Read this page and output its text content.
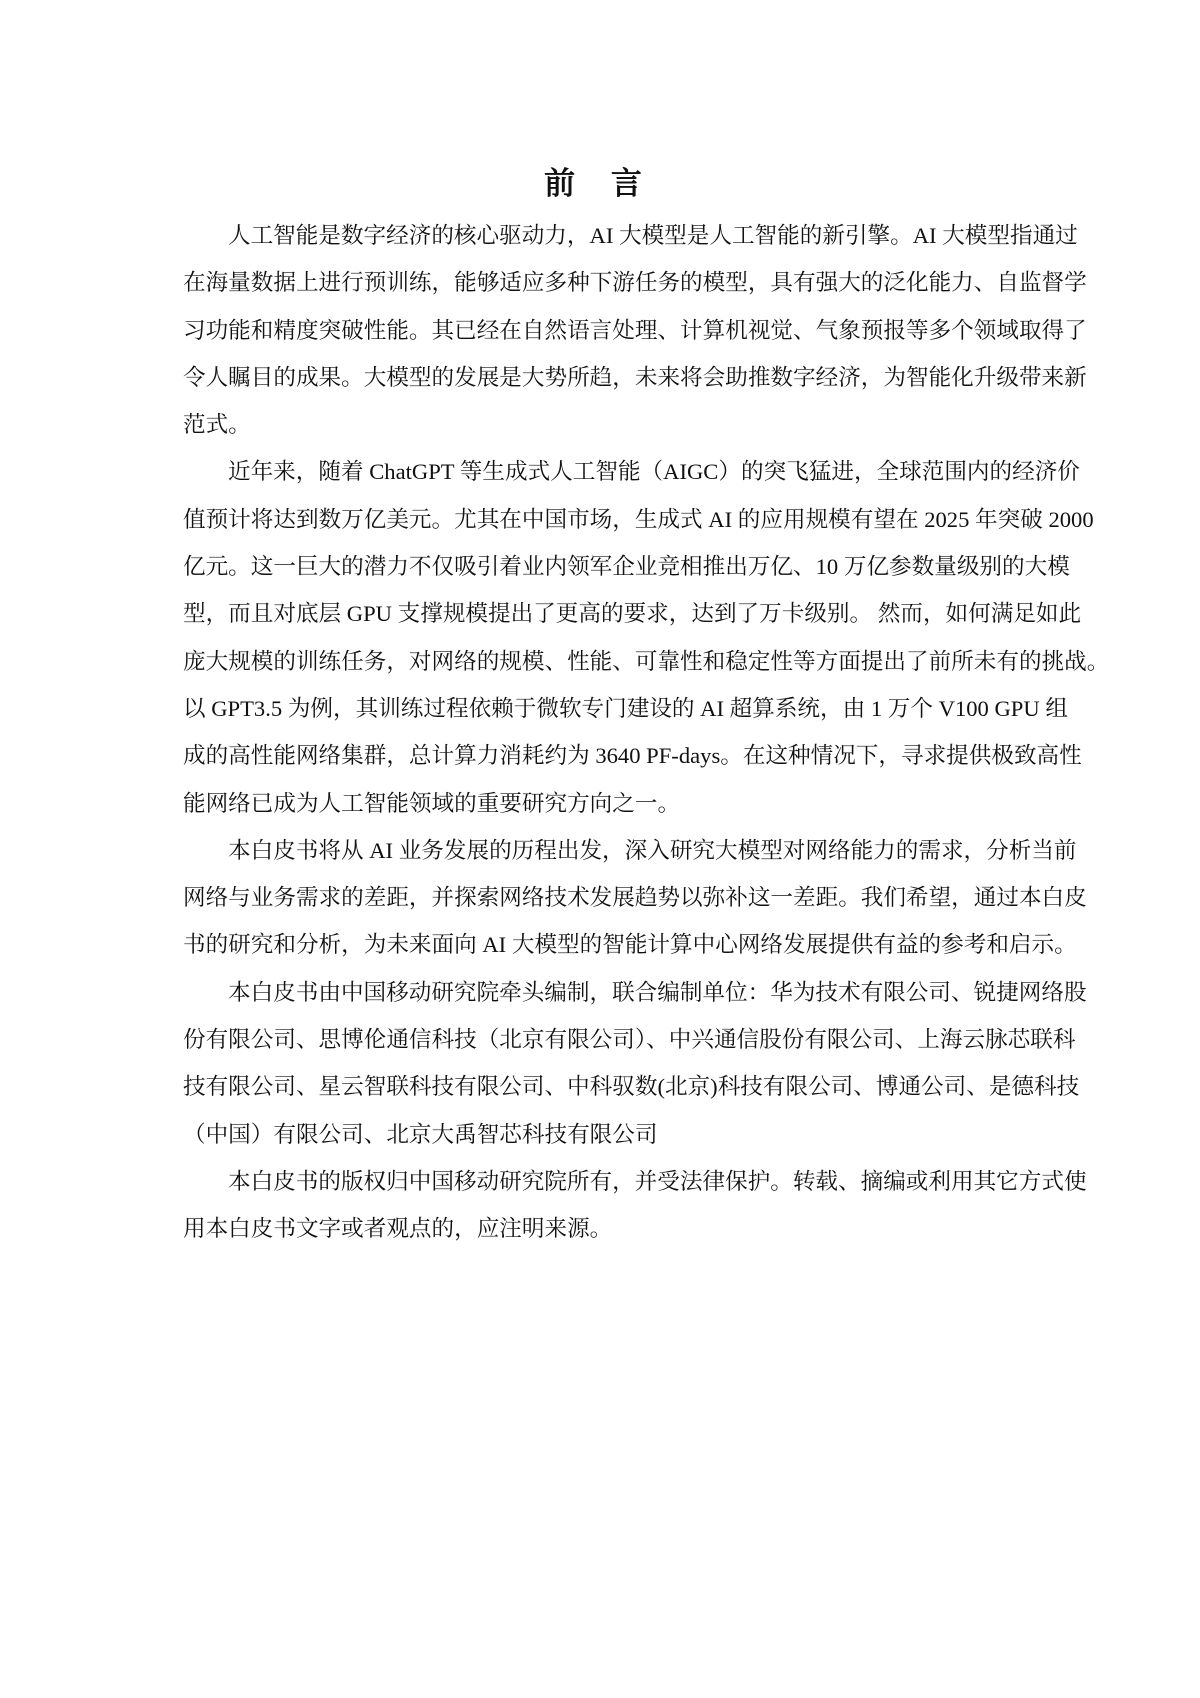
前 言

人工智能是数字经济的核心驱动力，AI 大模型是人工智能的新引擎。AI 大模型指通过
在海量数据上进行预训练，能够适应多种下游任务的模型，具有强大的泛化能力、自监督学
习功能和精度突破性能。其已经在自然语言处理、计算机视觉、气象预报等多个领域取得了
令人瞩目的成果。大模型的发展是大势所趋，未来将会助推数字经济，为智能化升级带来新
范式。

近年来，随着 ChatGPT 等生成式人工智能（AIGC）的突飞猛进，全球范围内的经济价
值预计将达到数万亿美元。尤其在中国市场，生成式 AI 的应用规模有望在 2025 年突破 2000
亿元。这一巨大的潜力不仅吸引着业内领军企业竞相推出万亿、10 万亿参数量级别的大模
型，而且对底层 GPU 支撑规模提出了更高的要求，达到了万卡级别。 然而，如何满足如此
庞大规模的训练任务，对网络的规模、性能、可靠性和稳定性等方面提出了前所未有的挑战。
以 GPT3.5 为例，其训练过程依赖于微软专门建设的 AI 超算系统，由 1 万个 V100 GPU 组
成的高性能网络集群，总计算力消耗约为 3640 PF-days。在这种情况下，寻求提供极致高性
能网络已成为人工智能领域的重要研究方向之一。

本白皮书将从 AI 业务发展的历程出发，深入研究大模型对网络能力的需求，分析当前
网络与业务需求的差距，并探索网络技术发展趋势以弥补这一差距。我们希望，通过本白皮
书的研究和分析，为未来面向 AI 大模型的智能计算中心网络发展提供有益的参考和启示。

本白皮书由中国移动研究院牵头编制，联合编制单位：华为技术有限公司、锐捷网络股
份有限公司、思博伦通信科技（北京有限公司）、中兴通信股份有限公司、上海云脉芯联科
技有限公司、星云智联科技有限公司、中科驭数(北京)科技有限公司、博通公司、是德科技
（中国）有限公司、北京大禹智芯科技有限公司

本白皮书的版权归中国移动研究院所有，并受法律保护。转载、摘编或利用其它方式使
用本白皮书文字或者观点的，应注明来源。
